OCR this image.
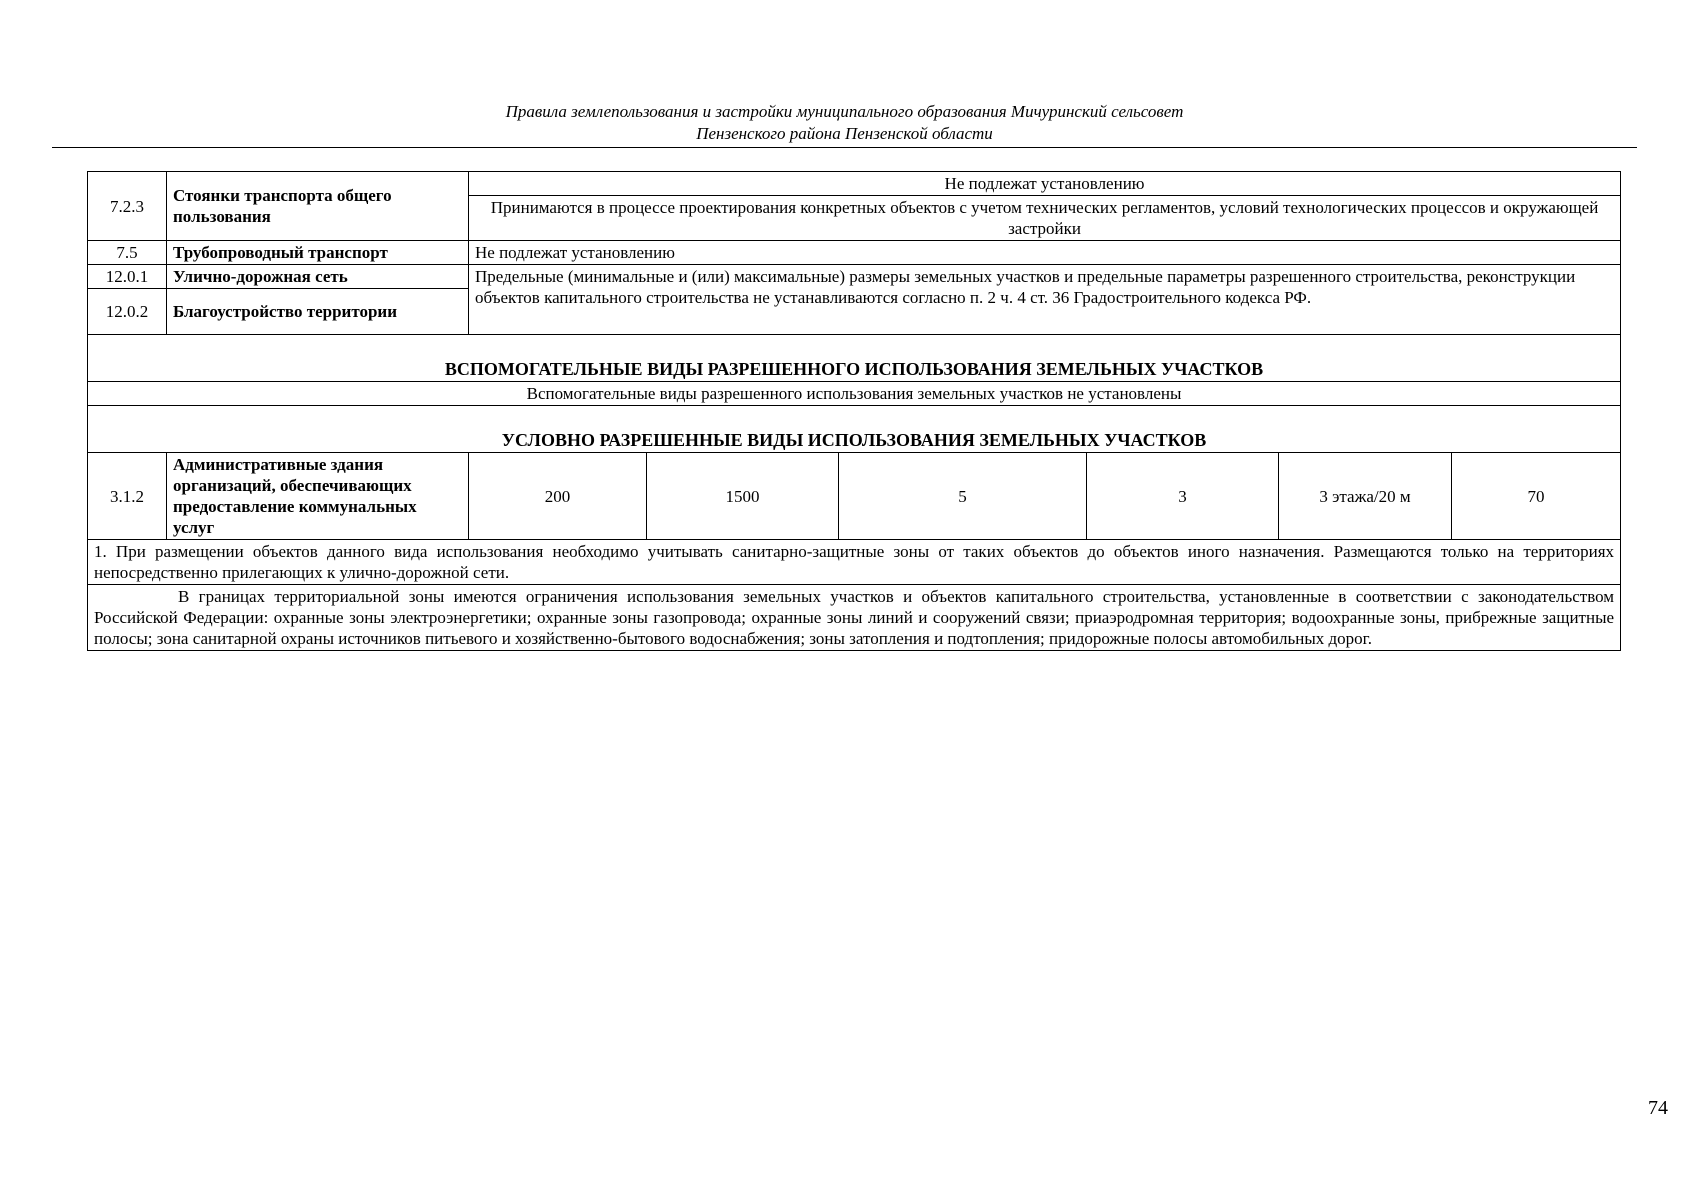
Правила землепользования и застройки муниципального образования Мичуринский сельсовет
Пензенского района Пензенской области
7.2.3	Стоянки транспорта общего пользования	Не подлежат установлению					
		Принимаются в процессе проектирования конкретных объектов с учетом технических регламентов, условий технологических процессов и окружающей застройки					
7.5	Трубопроводный транспорт	Не подлежат установлению					
12.0.1	Улично-дорожная сеть	Предельные (минимальные и (или) максимальные) размеры земельных участков и предельные параметры разрешенного строительства, реконструкции объектов капитального строительства не устанавливаются согласно п. 2 ч. 4 ст. 36 Градостроительного кодекса РФ.					
12.0.2	Благоустройство территории						
ВСПОМОГАТЕЛЬНЫЕ ВИДЫ РАЗРЕШЕННОГО ИСПОЛЬЗОВАНИЯ ЗЕМЕЛЬНЫХ УЧАСТКОВ							
Вспомогательные виды разрешенного использования земельных участков не установлены							
УСЛОВНО РАЗРЕШЕННЫЕ ВИДЫ ИСПОЛЬЗОВАНИЯ ЗЕМЕЛЬНЫХ УЧАСТКОВ							
3.1.2	Административные здания организаций, обеспечивающих предоставление коммунальных услуг	200	1500	5	3	3 этажа/20 м	70
1. При размещении объектов данного вида использования необходимо учитывать санитарно-защитные зоны от таких объектов до объектов иного назначения. Размещаются только на территориях непосредственно прилегающих к улично-дорожной сети.							
В границах территориальной зоны имеются ограничения использования земельных участков и объектов капитального строительства, установленные в соответствии с законодательством Российской Федерации: охранные зоны электроэнергетики; охранные зоны газопровода; охранные зоны линий и сооружений связи; приаэродромная территория; водоохранные зоны, прибрежные защитные полосы; зона санитарной охраны источников питьевого и хозяйственно-бытового водоснабжения; зоны затопления и подтопления; придорожные полосы автомобильных дорог.							
74
